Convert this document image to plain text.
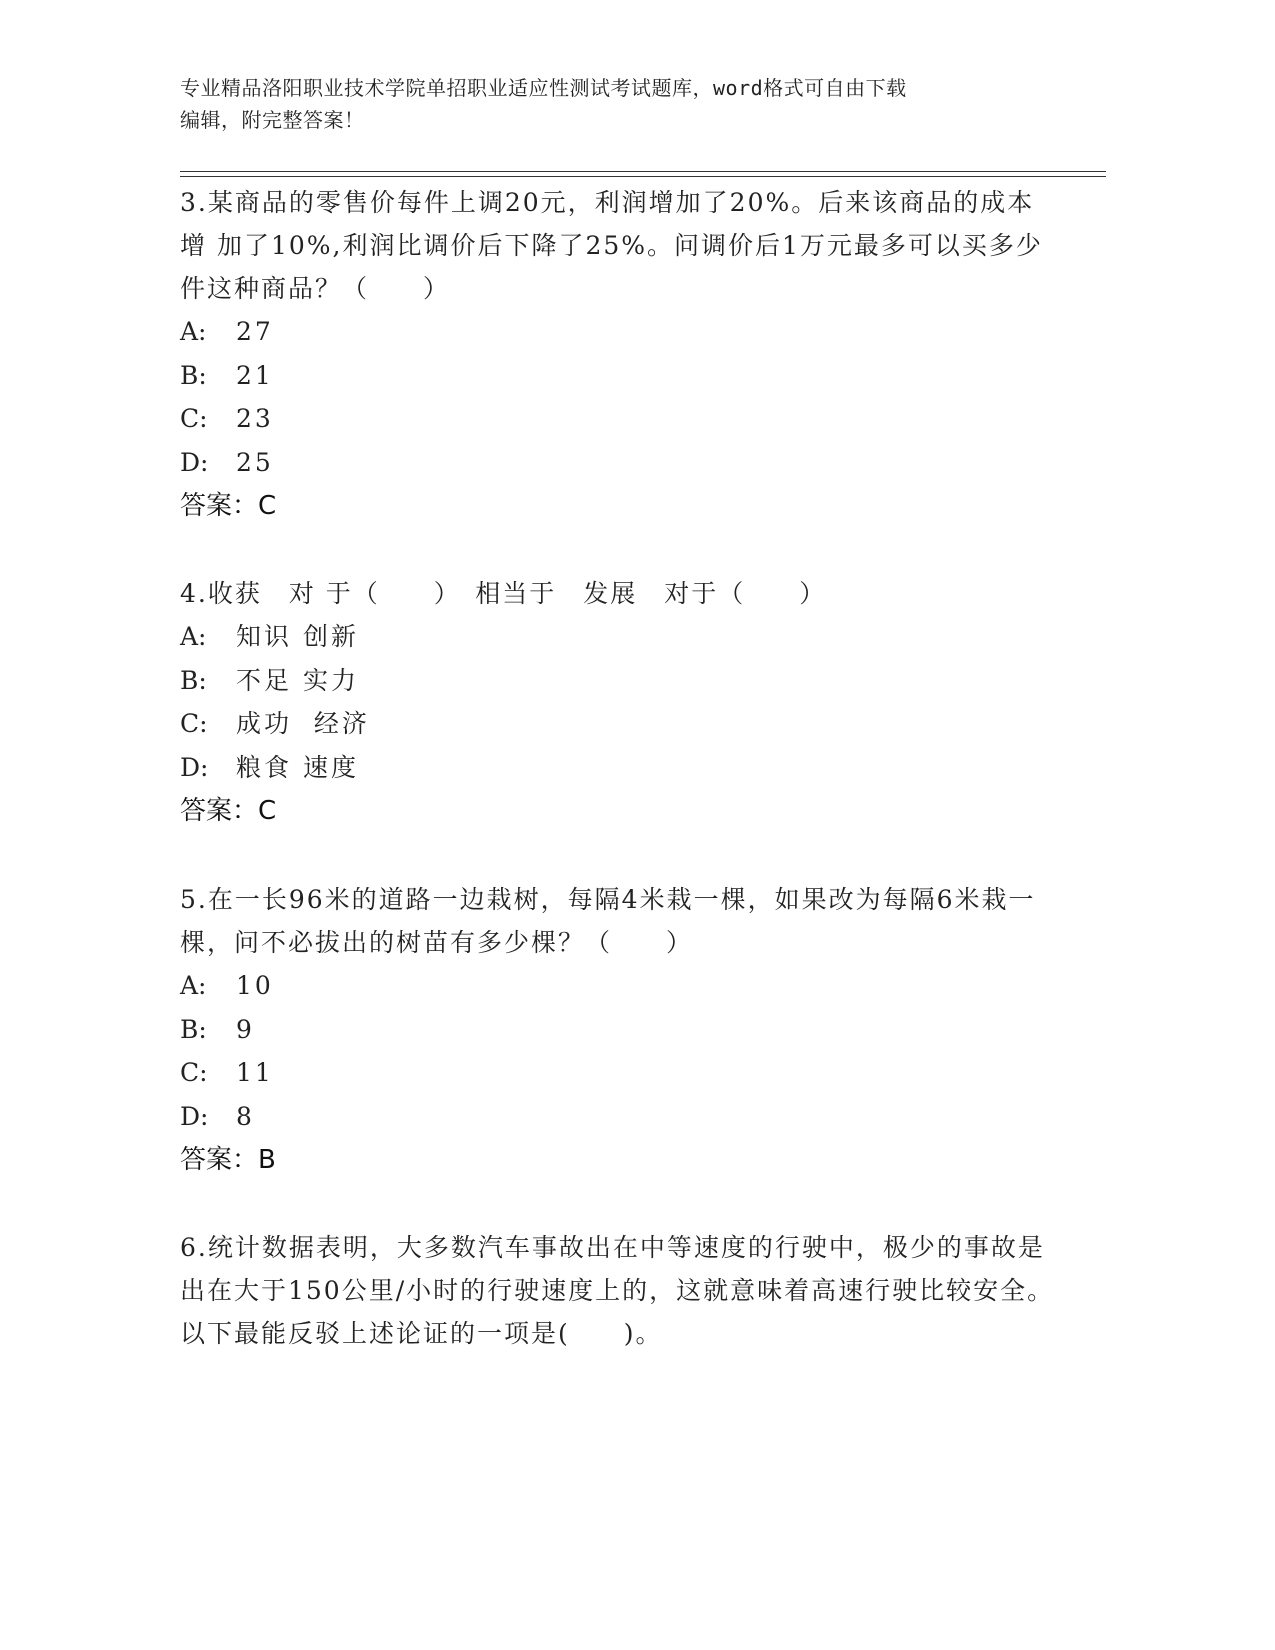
专业精品洛阳职业技术学院单招职业适应性测试考试题库，word格式可自由下载
编辑，附完整答案！
3.某商品的零售价每件上调20元，利润增加了20%。后来该商品的成本增 加了10%,利润比调价后下降了25%。问调价后1万元最多可以买多少件这种商品？（　　）
A:	27
B:	21
C:	23
D:	25
答案：C
4.收获　对 于（　　）　相当于　发展　对于（　　）
A:	知识 创新
B:	不足 实力
C:	成功  经济
D:	粮食 速度
答案：C
5.在一长96米的道路一边栽树，每隔4米栽一棵，如果改为每隔6米栽一棵，问不必拔出的树苗有多少棵？（　　）
A:	10
B:	9
C:	11
D:	8
答案：B
6.统计数据表明，大多数汽车事故出在中等速度的行驶中，极少的事故是出在大于150公里/小时的行驶速度上的，这就意味着高速行驶比较安全。以下最能反驳上述论证的一项是(　　)。
